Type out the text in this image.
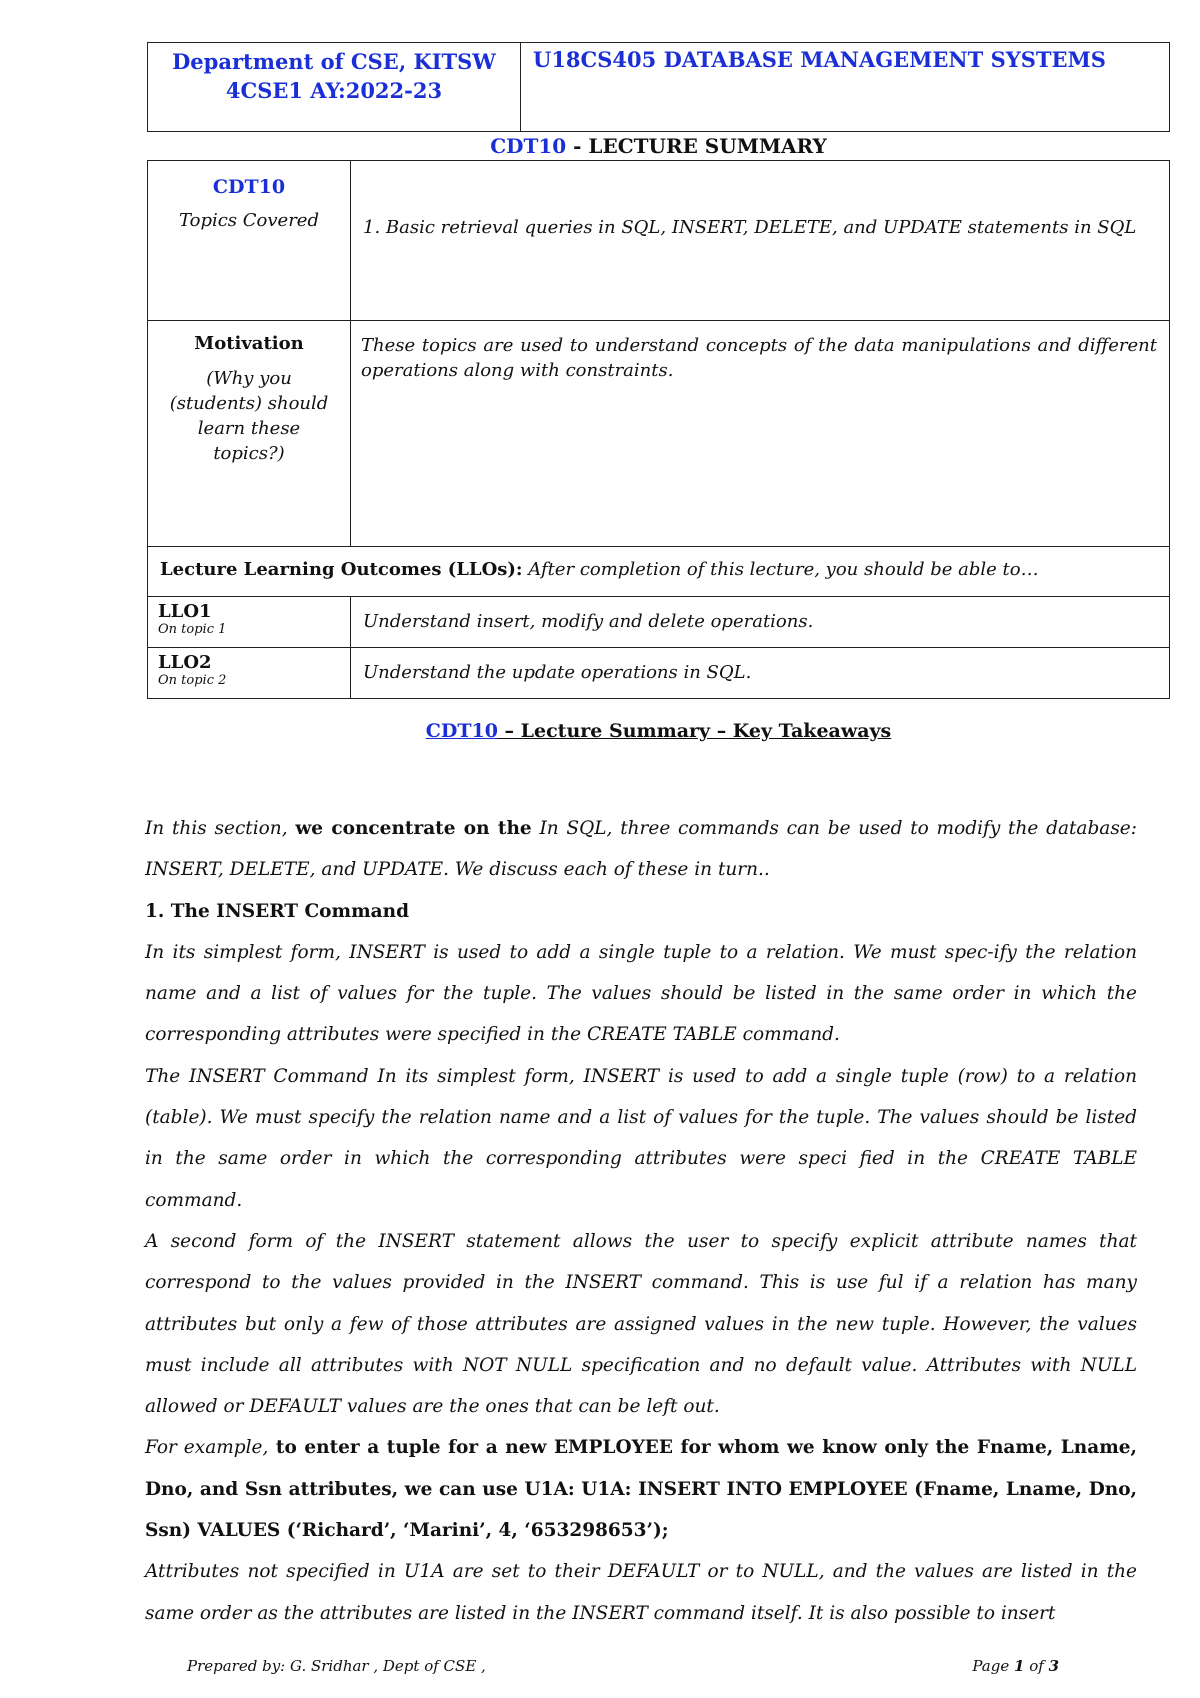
Department of CSE, KITSW
4CSE1 AY:2022-23
U18CS405 DATABASE MANAGEMENT SYSTEMS
CDT10 - LECTURE SUMMARY
CDT10
Topics Covered	1. Basic retrieval queries in SQL, INSERT, DELETE, and UPDATE statements in SQL

Motivation
(Why you (students) should learn these topics?)	These topics are used to understand concepts of the data manipulations and different operations along with constraints.
Lecture Learning Outcomes (LLOs): After completion of this lecture, you should be able to…	

LLO1
On topic 1	Understand insert, modify and delete operations.

LLO2
On topic 2	Understand the update operations in SQL.
CDT10 – Lecture Summary – Key Takeaways

In this section, we concentrate on the In SQL, three commands can be used to modify the database: INSERT, DELETE, and UPDATE. We discuss each of these in turn..

1. The INSERT Command

In its simplest form, INSERT is used to add a single tuple to a relation. We must spec-ify the relation name and a list of values for the tuple. The values should be listed in the same order in which the corresponding attributes were specified in the CREATE TABLE command.

The INSERT Command In its simplest form, INSERT is used to add a single tuple (row) to a relation (table). We must specify the relation name and a list of values for the tuple. The values should be listed in the same order in which the corresponding attributes were speci fied in the CREATE TABLE command.

A second form of the INSERT statement allows the user to specify explicit attribute names that correspond to the values provided in the INSERT command. This is use ful if a relation has many attributes but only a few of those attributes are assigned values in the new tuple. However, the values must include all attributes with NOT NULL specification and no default value. Attributes with NULL allowed or DEFAULT values are the ones that can be left out.

For example, to enter a tuple for a new EMPLOYEE for whom we know only the Fname, Lname, Dno, and Ssn attributes, we can use U1A: U1A: INSERT INTO EMPLOYEE (Fname, Lname, Dno, Ssn) VALUES (‘Richard’, ‘Marini’, 4, ‘653298653’);

Attributes not specified in U1A are set to their DEFAULT or to NULL, and the values are listed in the same order as the attributes are listed in the INSERT command itself. It is also possible to insert

Prepared by: G. Sridhar , Dept of CSE ,	Page 1 of 3
